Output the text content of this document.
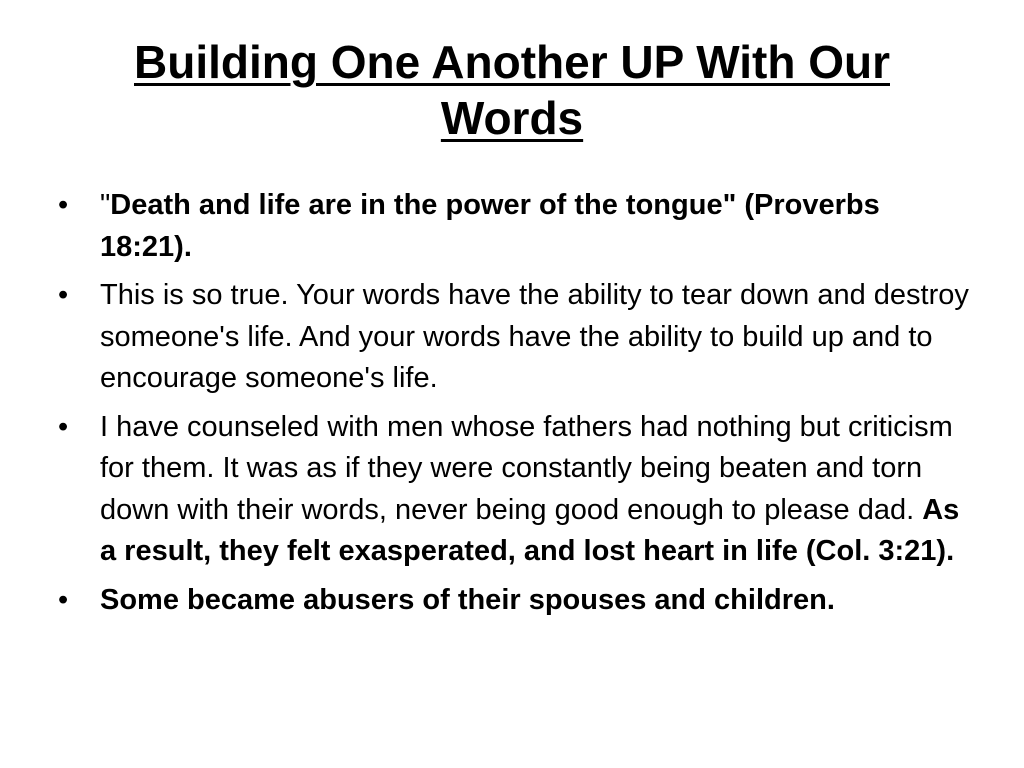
Building One Another UP With Our Words
•	"Death and life are in the power of the tongue" (Proverbs 18:21).
•	This is so true. Your words have the ability to tear down and destroy someone's life. And your words have the ability to build up and to encourage someone's life.
•	I have counseled with men whose fathers had nothing but criticism for them. It was as if they were constantly being beaten and torn down with their words, never being good enough to please dad. As a result, they felt exasperated, and lost heart in life (Col. 3:21).
•	Some became abusers of their spouses and children.
